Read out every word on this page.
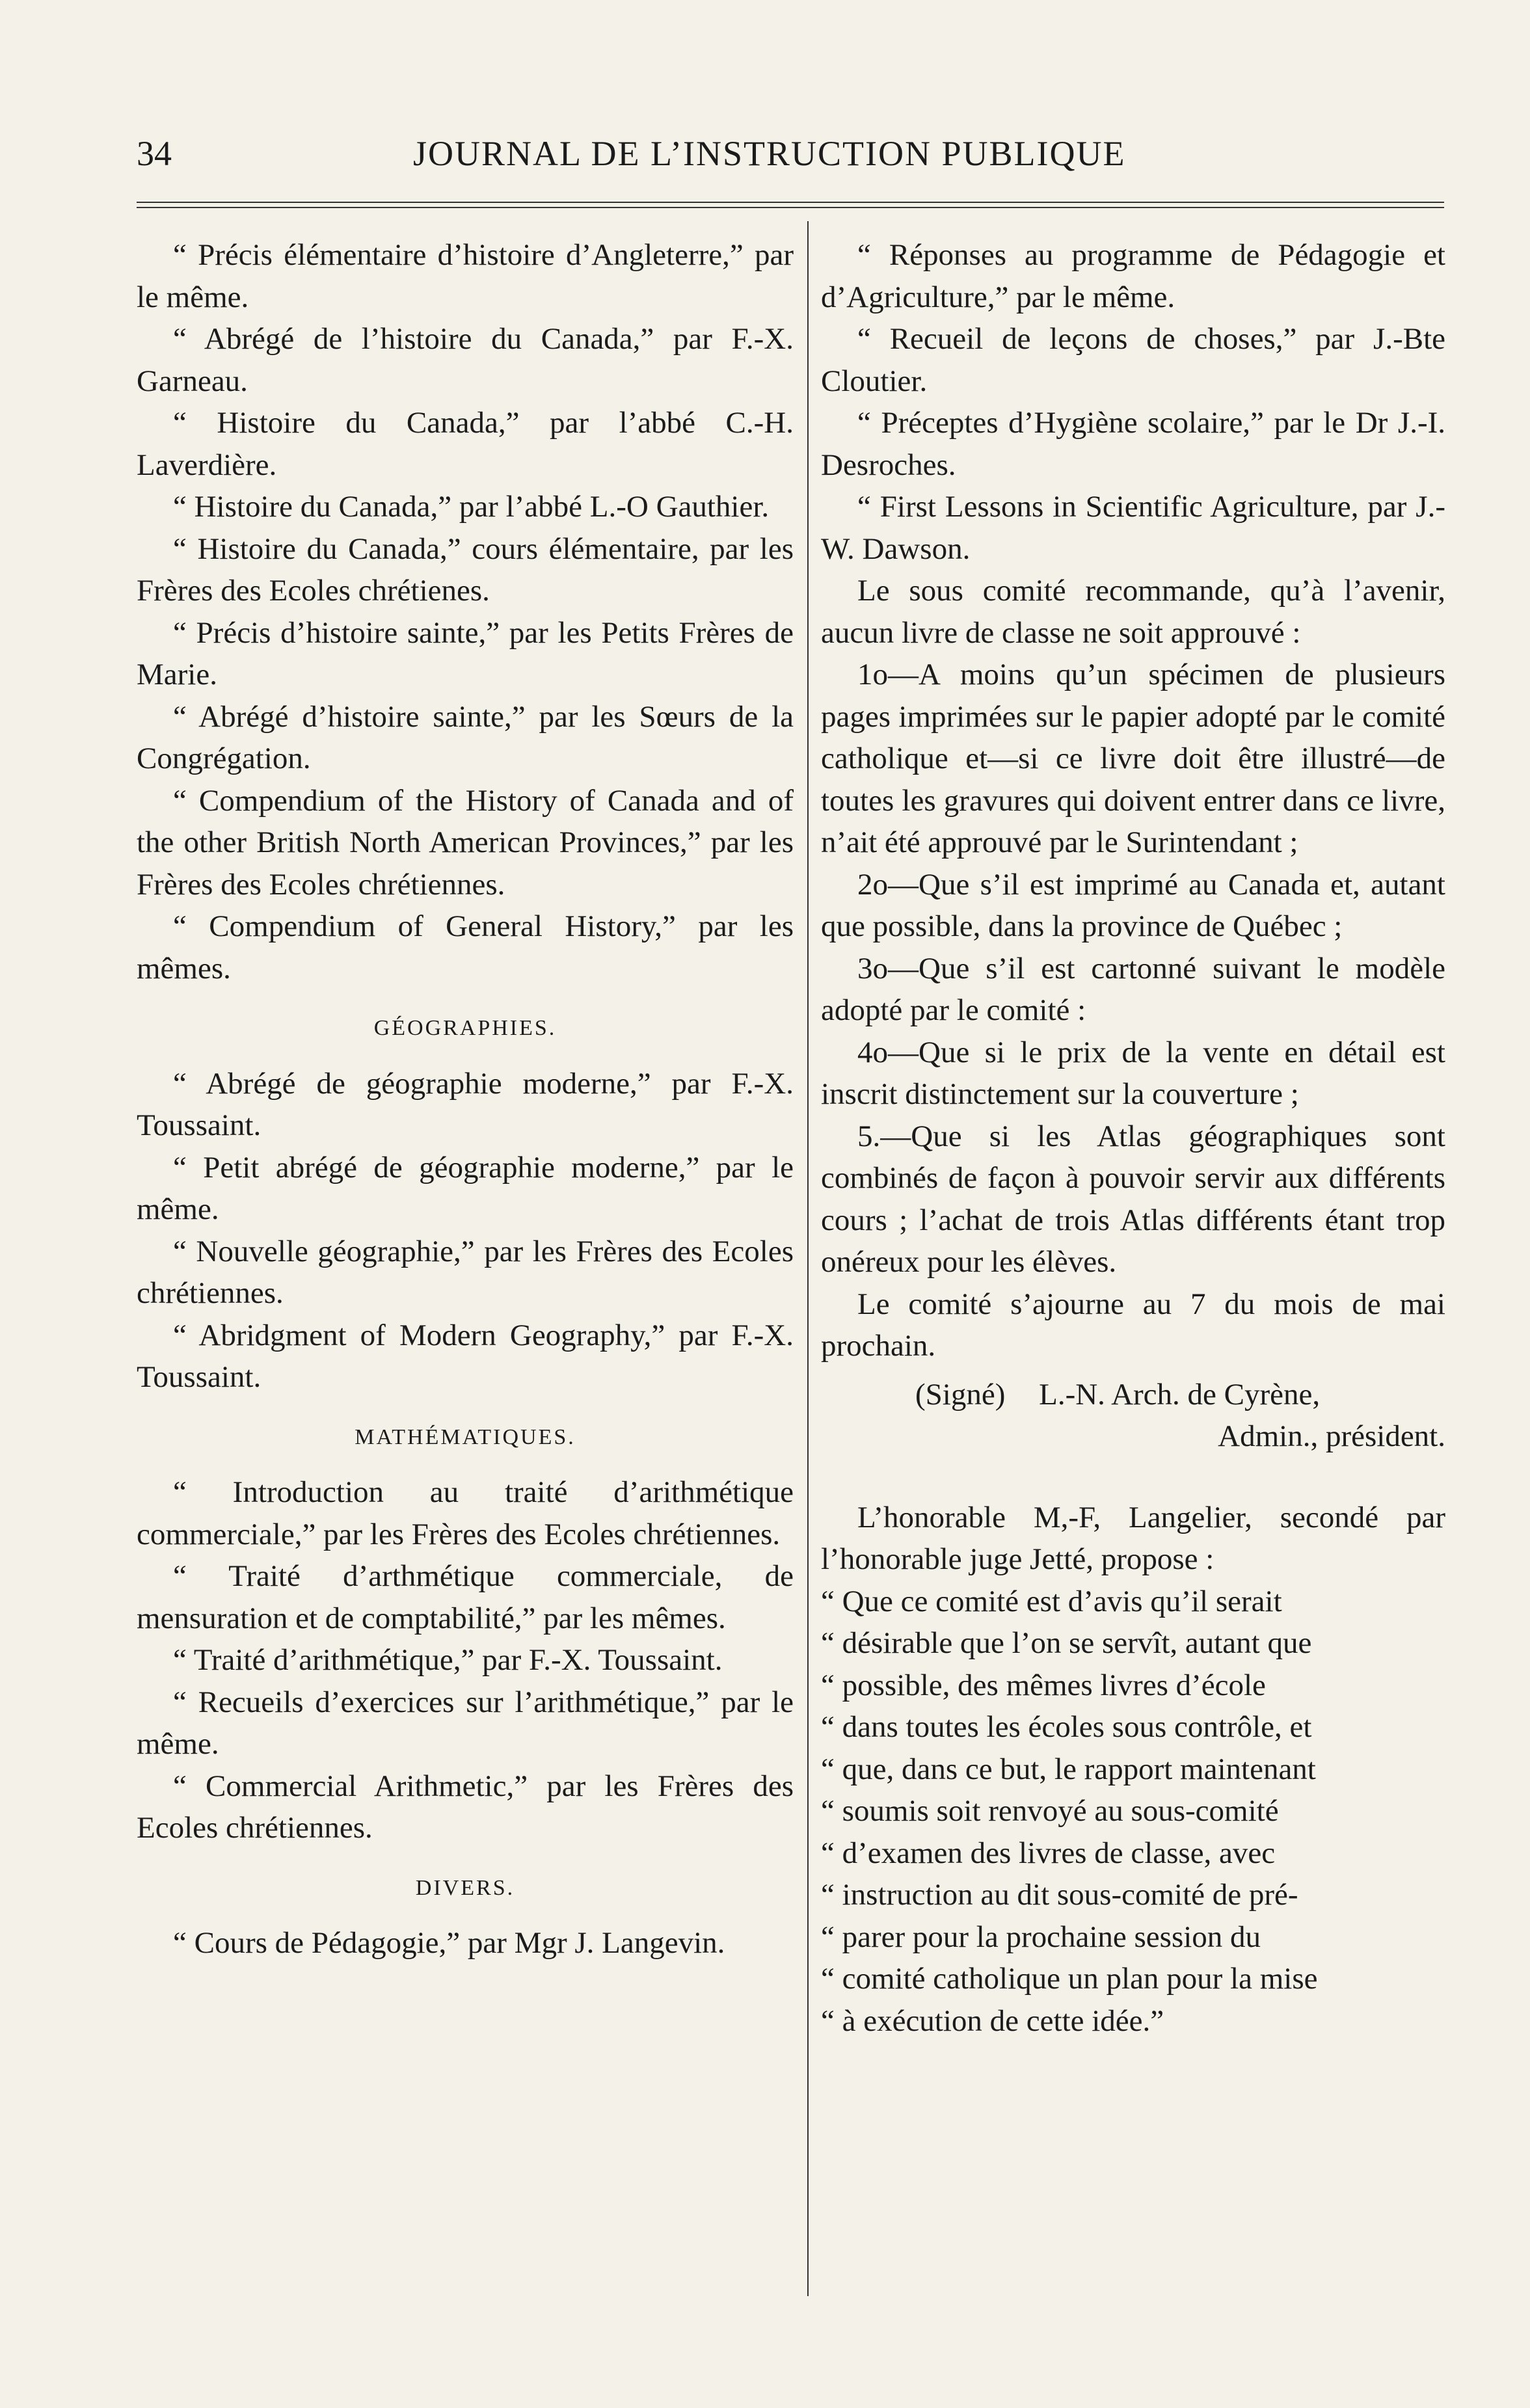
34	JOURNAL DE L’INSTRUCTION PUBLIQUE

“ Précis élémentaire d’histoire d’Angleterre,” par le même.

“ Abrégé de l’histoire du Canada,” par F.-X. Garneau.

“ Histoire du Canada,” par l’abbé C.-H. Laverdière.

“ Histoire du Canada,” par l’abbé L.-O Gauthier.

“ Histoire du Canada,” cours élémentaire, par les Frères des Ecoles chrétienes.

“ Précis d’histoire sainte,” par les Petits Frères de Marie.

“ Abrégé d’histoire sainte,” par les Sœurs de la Congrégation.

“ Compendium of the History of Canada and of the other British North American Provinces,” par les Frères des Ecoles chrétiennes.

“ Compendium of General History,” par les mêmes.

GÉOGRAPHIES.

“ Abrégé de géographie moderne,” par F.-X. Toussaint.

“ Petit abrégé de géographie moderne,” par le même.

“ Nouvelle géographie,” par les Frères des Ecoles chrétiennes.

“ Abridgment of Modern Geography,” par F.-X. Toussaint.

MATHÉMATIQUES.

“ Introduction au traité d’arithmétique commerciale,” par les Frères des Ecoles chrétiennes.

“ Traité d’arthmétique commerciale, de mensuration et de comptabilité,” par les mêmes.

“ Traité d’arithmétique,” par F.-X. Toussaint.

“ Recueils d’exercices sur l’arithmétique,” par le même.

“ Commercial Arithmetic,” par les Frères des Ecoles chrétiennes.

DIVERS.

“ Cours de Pédagogie,” par Mgr J. Langevin.

“ Réponses au programme de Pédagogie et d’Agriculture,” par le même.

“ Recueil de leçons de choses,” par J.-Bte Cloutier.

“ Préceptes d’Hygiène scolaire,” par le Dr J.-I. Desroches.

“ First Lessons in Scientific Agriculture, par J.-W. Dawson.

Le sous comité recommande, qu’à l’avenir, aucun livre de classe ne soit approuvé :

1o—A moins qu’un spécimen de plusieurs pages imprimées sur le papier adopté par le comité catholique et—si ce livre doit être illustré—de toutes les gravures qui doivent entrer dans ce livre, n’ait été approuvé par le Surintendant ;

2o—Que s’il est imprimé au Canada et, autant que possible, dans la province de Québec ;

3o—Que s’il est cartonné suivant le modèle adopté par le comité :

4o—Que si le prix de la vente en détail est inscrit distinctement sur la couverture ;

5.—Que si les Atlas géographiques sont combinés de façon à pouvoir servir aux différents cours ; l’achat de trois Atlas différents étant trop onéreux pour les élèves.

Le comité s’ajourne au 7 du mois de mai prochain.

(Signé) L.-N. Arch. de Cyrène,
Admin., président.

L’honorable M,-F, Langelier, secondé par l’honorable juge Jetté, propose :

“ Que ce comité est d’avis qu’il serait

“ désirable que l’on se servît, autant que

“ possible, des mêmes livres d’école

“ dans toutes les écoles sous contrôle, et

“ que, dans ce but, le rapport maintenant

“ soumis soit renvoyé au sous-comité

“ d’examen des livres de classe, avec

“ instruction au dit sous-comité de pré-

“ parer pour la prochaine session du

“ comité catholique un plan pour la mise

“ à exécution de cette idée.”
